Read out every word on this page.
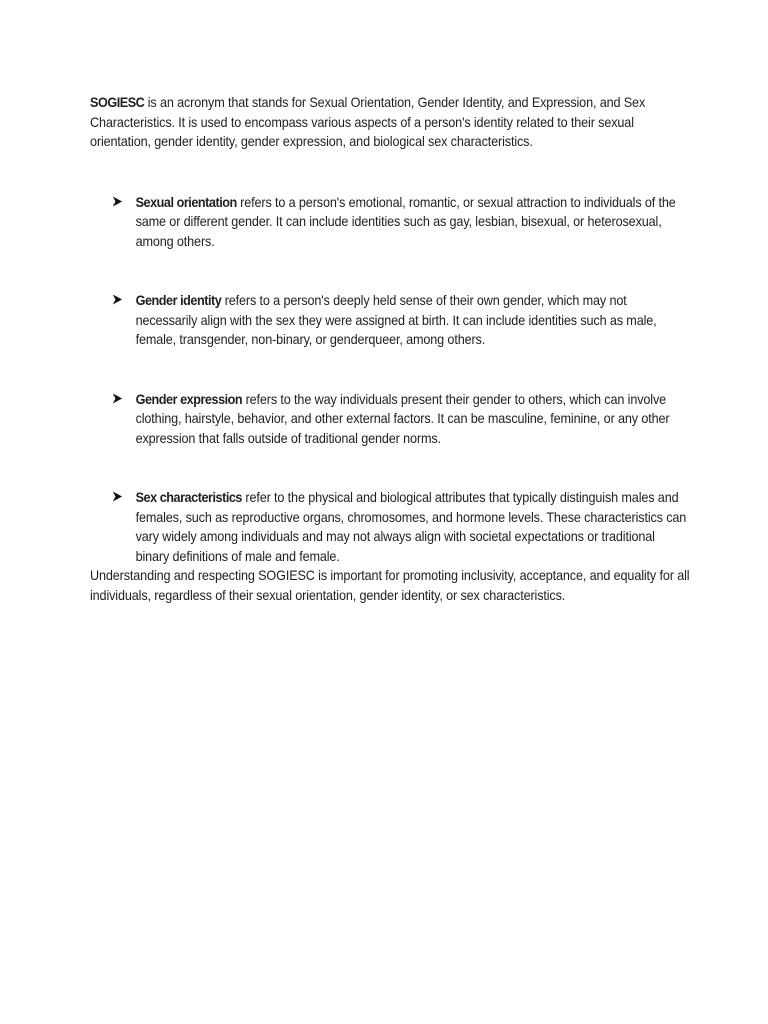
SOGIESC is an acronym that stands for Sexual Orientation, Gender Identity, and Expression, and Sex Characteristics. It is used to encompass various aspects of a person's identity related to their sexual orientation, gender identity, gender expression, and biological sex characteristics.

Sexual orientation refers to a person's emotional, romantic, or sexual attraction to individuals of the same or different gender. It can include identities such as gay, lesbian, bisexual, or heterosexual, among others.
Gender identity refers to a person's deeply held sense of their own gender, which may not necessarily align with the sex they were assigned at birth. It can include identities such as male, female, transgender, non-binary, or genderqueer, among others.
Gender expression refers to the way individuals present their gender to others, which can involve clothing, hairstyle, behavior, and other external factors. It can be masculine, feminine, or any other expression that falls outside of traditional gender norms.
Sex characteristics refer to the physical and biological attributes that typically distinguish males and females, such as reproductive organs, chromosomes, and hormone levels. These characteristics can vary widely among individuals and may not always align with societal expectations or traditional binary definitions of male and female.

Understanding and respecting SOGIESC is important for promoting inclusivity, acceptance, and equality for all individuals, regardless of their sexual orientation, gender identity, or sex characteristics.
